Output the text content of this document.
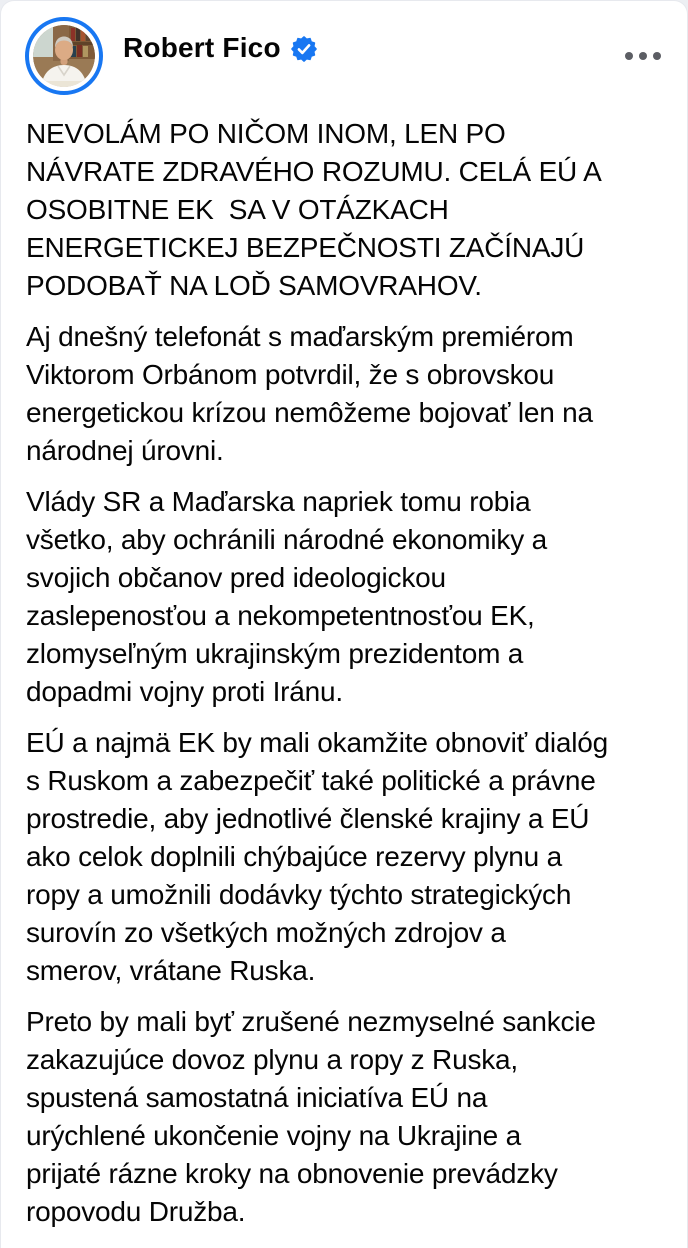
Robert Fico

NEVOLÁM PO NIČOM INOM, LEN PO
NÁVRATE ZDRAVÉHO ROZUMU. CELÁ EÚ A
OSOBITNE EK  SA V OTÁZKACH
ENERGETICKEJ BEZPEČNOSTI ZAČÍNAJÚ
PODOBAŤ NA LOĎ SAMOVRAHOV.

Aj dnešný telefonát s maďarským premiérom
Viktorom Orbánom potvrdil, že s obrovskou
energetickou krízou nemôžeme bojovať len na
národnej úrovni.

Vlády SR a Maďarska napriek tomu robia
všetko, aby ochránili národné ekonomiky a
svojich občanov pred ideologickou
zaslepenosťou a nekompetentnosťou EK,
zlomyseľným ukrajinským prezidentom a
dopadmi vojny proti Iránu.

EÚ a najmä EK by mali okamžite obnoviť dialóg
s Ruskom a zabezpečiť také politické a právne
prostredie, aby jednotlivé členské krajiny a EÚ
ako celok doplnili chýbajúce rezervy plynu a
ropy a umožnili dodávky týchto strategických
surovín zo všetkých možných zdrojov a
smerov, vrátane Ruska.

Preto by mali byť zrušené nezmyselné sankcie
zakazujúce dovoz plynu a ropy z Ruska,
spustená samostatná iniciatíva EÚ na
urýchlené ukončenie vojny na Ukrajine a
prijaté rázne kroky na obnovenie prevádzky
ropovodu Družba.
